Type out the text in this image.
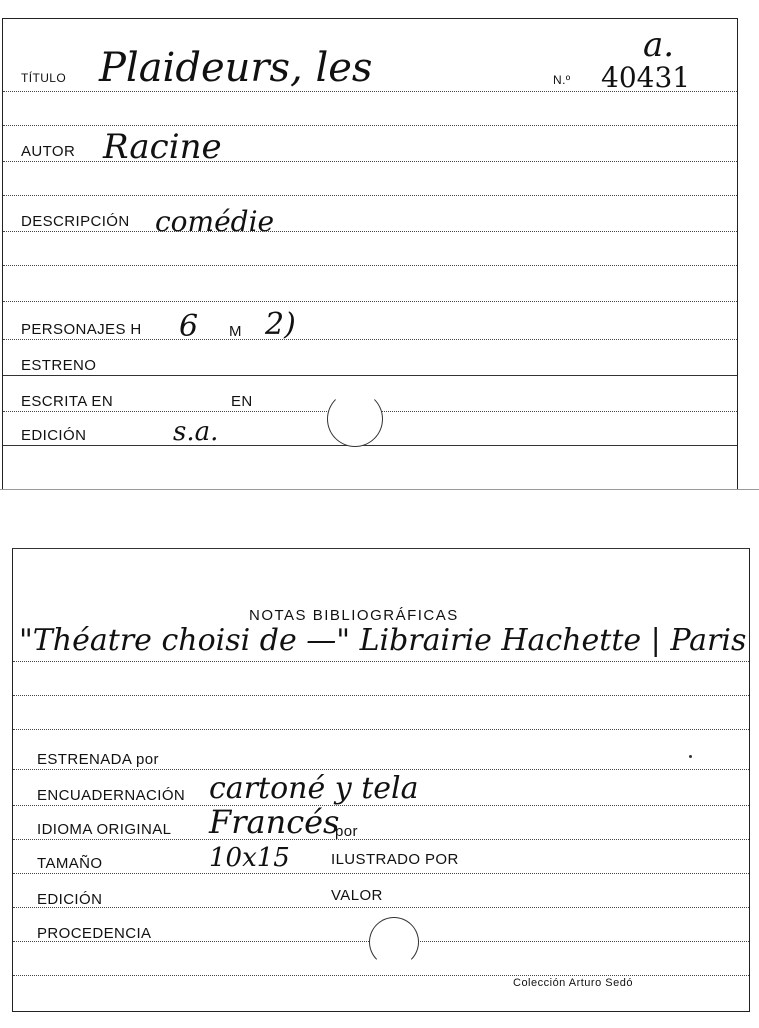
a.
TÍTULO Plaideurs, les	N.º 40431
AUTOR Racine
DESCRIPCIÓN comédie
PERSONAJES H 6 M 2)
ESTRENO
ESCRITA EN	EN
EDICIÓN	s.a.
NOTAS BIBLIOGRÁFICAS
"Théatre choisi de —" Librairie Hachette | Paris
ESTRENADA por
ENCUADERNACIÓN cartoné y tela
IDIOMA ORIGINAL Francés
por
TAMAÑO	10x15	ILUSTRADO POR
EDICIÓN	VALOR
PROCEDENCIA
Colección Arturo Sedó
